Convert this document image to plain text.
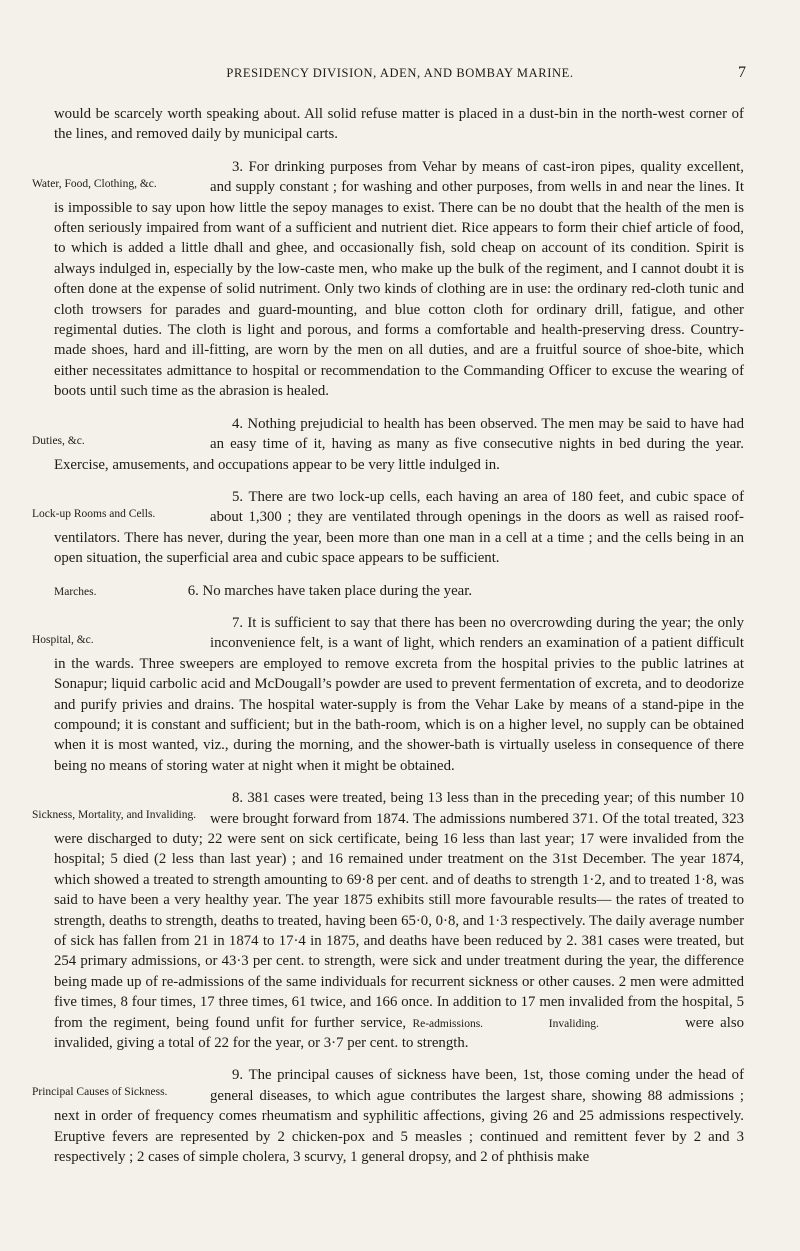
PRESIDENCY DIVISION, ADEN, AND BOMBAY MARINE.	7

would be scarcely worth speaking about. All solid refuse matter is placed in a dust-bin in the north-west corner of the lines, and removed daily by municipal carts.

3.
Water, Food, Clothing, &c.
For drinking purposes from Vehar by means of cast-iron pipes, quality excellent, and supply constant ; for washing and other purposes, from wells in and near the lines. It is impossible to say upon how little the sepoy manages to exist. There can be no doubt that the health of the men is often seriously impaired from want of a sufficient and nutrient diet. Rice appears to form their chief article of food, to which is added a little dhall and ghee, and occasionally fish, sold cheap on account of its condition. Spirit is always indulged in, especially by the low-caste men, who make up the bulk of the regiment, and I cannot doubt it is often done at the expense of solid nutriment. Only two kinds of clothing are in use: the ordinary red-cloth tunic and cloth trowsers for parades and guard-mounting, and blue cotton cloth for ordinary drill, fatigue, and other regimental duties. The cloth is light and porous, and forms a comfortable and health-preserving dress. Country-made shoes, hard and ill-fitting, are worn by the men on all duties, and are a fruitful source of shoe-bite, which either necessitates admittance to hospital or recommendation to the Commanding Officer to excuse the wearing of boots until such time as the abrasion is healed.

4.
Duties, &c.
Nothing prejudicial to health has been observed. The men may be said to have had an easy time of it, having as many as five consecutive nights in bed during the year. Exercise, amusements, and occupations appear to be very little indulged in.

5.
Lock-up Rooms and Cells.
There are two lock-up cells, each having an area of 180 feet, and cubic space of about 1,300 ; they are ventilated through openings in the doors as well as raised roof-ventilators. There has never, during the year, been more than one man in a cell at a time ; and the cells being in an open situation, the superficial area and cubic space appears to be sufficient.

Marches.	6. No marches have taken place during the year.

7.
Hospital, &c.
It is sufficient to say that there has been no overcrowding during the year; the only inconvenience felt, is a want of light, which renders an examination of a patient difficult in the wards. Three sweepers are employed to remove excreta from the hospital privies to the public latrines at Sonapur; liquid carbolic acid and McDougall’s powder are used to prevent fermentation of excreta, and to deodorize and purify privies and drains. The hospital water-supply is from the Vehar Lake by means of a stand-pipe in the compound; it is constant and sufficient; but in the bath-room, which is on a higher level, no supply can be obtained when it is most wanted, viz., during the morning, and the shower-bath is virtually useless in consequence of there being no means of storing water at night when it might be obtained.

8.
Sickness, Mortality, and Invaliding.
381 cases were treated, being 13 less than in the preceding year; of this number 10 were brought forward from 1874. The admissions numbered 371. Of the total treated, 323 were discharged to duty; 22 were sent on sick certificate, being 16 less than last year; 17 were invalided from the hospital; 5 died (2 less than last year) ; and 16 remained under treatment on the 31st December. The year 1874, which showed a treated to strength amounting to 69·8 per cent. and of deaths to strength 1·2, and to treated 1·8, was said to have been a very healthy year. The year 1875 exhibits still more favourable results— the rates of treated to strength, deaths to strength, deaths to treated, having been 65·0, 0·8, and 1·3 respectively. The daily average number of sick has fallen from 21 in 1874 to 17·4 in 1875, and deaths have been reduced by 2. 381 cases were treated, but 254 primary admissions, or 43·3 per cent. to strength, were sick and under treatment during the year, the difference being made up of re-admissions of the same individuals for recurrent sickness or other causes. 2 men were admitted five times, 8 four times, 17 three times, 61 twice, and 166 once. In addition to 17 men invalided from the hospital, 5 from the regiment, being found unfit for further service, Re-admissions.	Invaliding.	were also invalided, giving a total of 22 for the year, or 3·7 per cent. to strength.

9.
Principal Causes of Sickness.
The principal causes of sickness have been, 1st, those coming under the head of general diseases, to which ague contributes the largest share, showing 88 admissions ; next in order of frequency comes rheumatism and syphilitic affections, giving 26 and 25 admissions respectively. Eruptive fevers are represented by 2 chicken-pox and 5 measles ; continued and remittent fever by 2 and 3 respectively ; 2 cases of simple cholera, 3 scurvy, 1 general dropsy, and 2 of phthisis make
